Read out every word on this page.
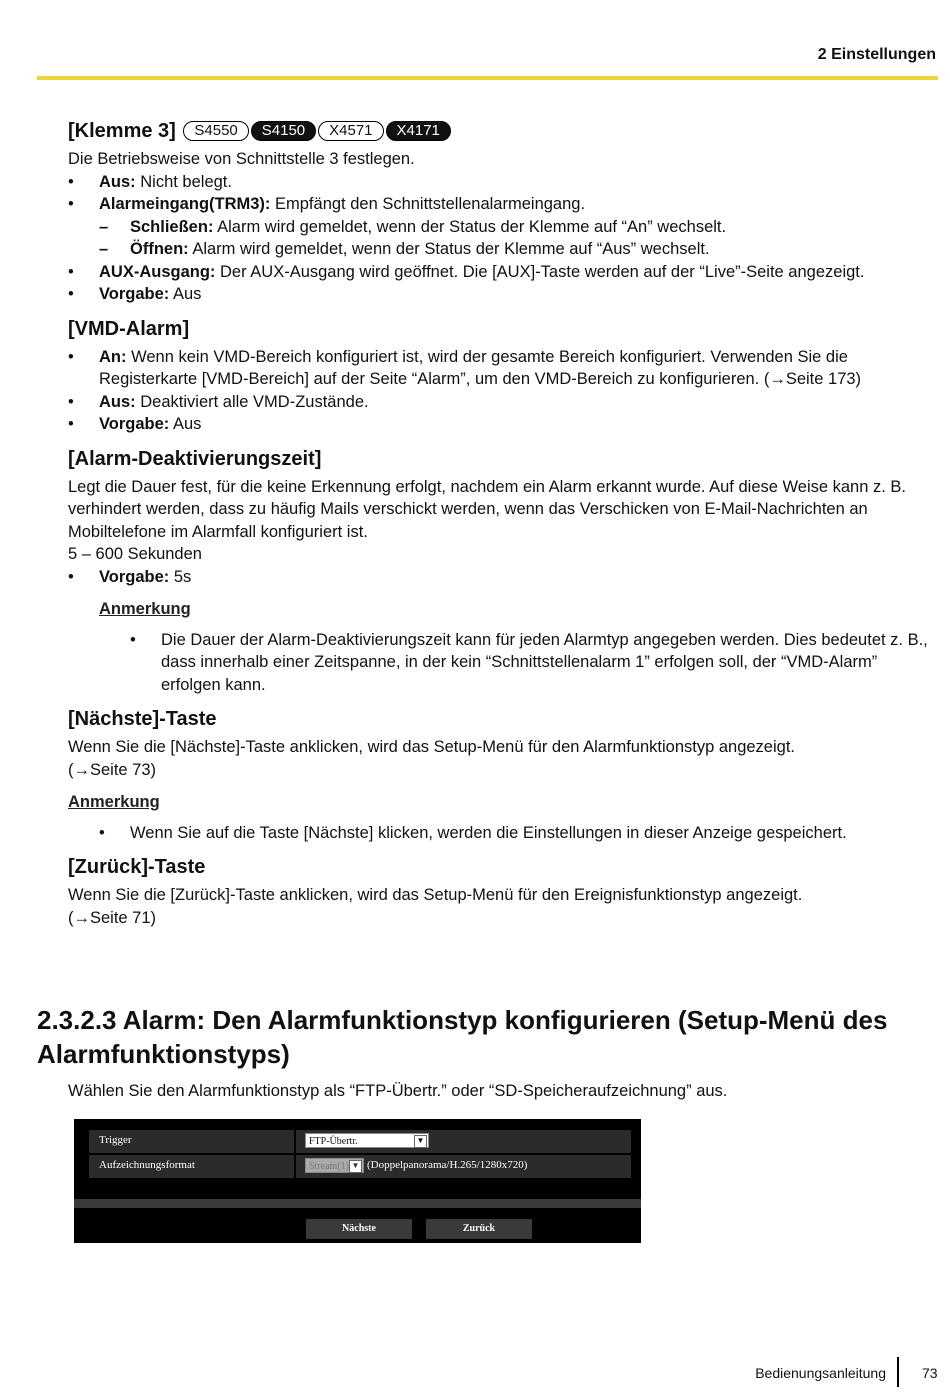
2 Einstellungen
[Klemme 3] S4550 S4150 X4571 X4171

Die Betriebsweise von Schnittstelle 3 festlegen.

• Aus: Nicht belegt.
• Alarmeingang(TRM3): Empfängt den Schnittstellenalarmeingang.
– Schließen: Alarm wird gemeldet, wenn der Status der Klemme auf “An” wechselt.
– Öffnen: Alarm wird gemeldet, wenn der Status der Klemme auf “Aus” wechselt.
• AUX-Ausgang: Der AUX-Ausgang wird geöffnet. Die [AUX]-Taste werden auf der “Live”-Seite angezeigt.
• Vorgabe: Aus
[VMD-Alarm]
• An: Wenn kein VMD-Bereich konfiguriert ist, wird der gesamte Bereich konfiguriert. Verwenden Sie die Registerkarte [VMD-Bereich] auf der Seite “Alarm”, um den VMD-Bereich zu konfigurieren. (→Seite 173)
• Aus: Deaktiviert alle VMD-Zustände.
• Vorgabe: Aus
[Alarm-Deaktivierungszeit]

Legt die Dauer fest, für die keine Erkennung erfolgt, nachdem ein Alarm erkannt wurde. Auf diese Weise kann z. B. verhindert werden, dass zu häufig Mails verschickt werden, wenn das Verschicken von E-Mail-Nachrichten an Mobiltelefone im Alarmfall konfiguriert ist.

5 – 600 Sekunden

• Vorgabe: 5s
Anmerkung
• Die Dauer der Alarm-Deaktivierungszeit kann für jeden Alarmtyp angegeben werden. Dies bedeutet z. B., dass innerhalb einer Zeitspanne, in der kein “Schnittstellenalarm 1” erfolgen soll, der “VMD-Alarm” erfolgen kann.
[Nächste]-Taste

Wenn Sie die [Nächste]-Taste anklicken, wird das Setup-Menü für den Alarmfunktionstyp angezeigt.

(→Seite 73)

Anmerkung
• Wenn Sie auf die Taste [Nächste] klicken, werden die Einstellungen in dieser Anzeige gespeichert.
[Zurück]-Taste

Wenn Sie die [Zurück]-Taste anklicken, wird das Setup-Menü für den Ereignisfunktionstyp angezeigt.

(→Seite 71)

2.3.2.3 Alarm: Den Alarmfunktionstyp konfigurieren (Setup-Menü des Alarmfunktionstyps)
Wählen Sie den Alarmfunktionstyp als “FTP-Übertr.” oder “SD-Speicheraufzeichnung” aus.
Trigger	FTP-Übertr.	▼
Aufzeichnungsformat	Stream(1) ▼ (Doppelpanorama/H.265/1280x720)
Nächste	Zurück
Bedienungsanleitung	73
